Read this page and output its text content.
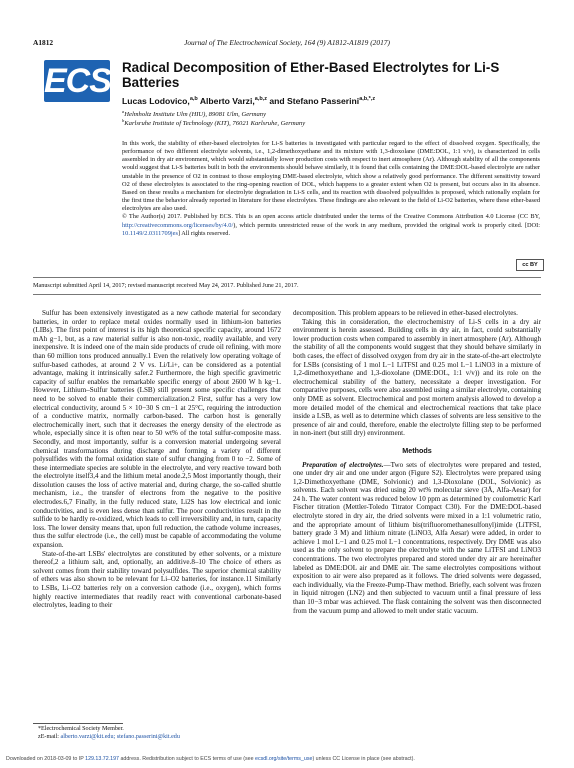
A1812	Journal of The Electrochemical Society, 164 (9) A1812-A1819 (2017)
ECS Radical Decomposition of Ether-Based Electrolytes for Li-S Batteries
Lucas Lodovico,$^{a,b}$ Alberto Varzi,$^{a,b,z}$ and Stefano Passerini$^{a,b,*,z}$
$^a$Helmholtz Institute Ulm (HIU), 89081 Ulm, Germany
$^b$Karlsruhe Institute of Technology (KIT), 76021 Karlsruhe, Germany
In this work, the stability of ether-based electrolytes for Li-S batteries is investigated with particular regard to the effect of dissolved oxygen. Specifically, the performance of two different electrolyte solvents, i.e., 1,2-dimethoxyethane and its mixture with 1,3-dioxolane (DME:DOL, 1:1 v/v), is characterized in cells assembled in dry air environment, which would substantially lower production costs with respect to inert atmosphere (Ar). Although stability of all the components would suggest that Li-S batteries built in both the environments should behave similarly, it is found that cells containing the DME:DOL-based electrolyte are rather unstable in the presence of O2 in contrast to those employing DME-based electrolyte, which show a relatively good performance. The different sensitivity toward O2 of these electrolytes is associated to the ring-opening reaction of DOL, which happens to a greater extent when O2 is present, but occurs also in its absence. Based on these results a mechanism for electrolyte degradation in Li-S cells, and its reaction with dissolved polysulfides is proposed, which rationally explain for the first time the behavior already reported in literature for these electrolytes. These findings are also relevant to the field of Li-O2 batteries, where these ether-based electrolytes are also used.
© The Author(s) 2017. Published by ECS. This is an open access article distributed under the terms of the Creative Commons Attribution 4.0 License (CC BY, http://creativecommons.org/licenses/by/4.0/), which permits unrestricted reuse of the work in any medium, provided the original work is properly cited. [DOI: 10.1149/2.0311709jes] All rights reserved.
cc BY
Manuscript submitted April 14, 2017; revised manuscript received May 24, 2017. Published June 21, 2017.

Sulfur has been extensively investigated as a new cathode material for secondary batteries, in order to replace metal oxides normally used in lithium-ion batteries (LIBs). The first point of interest is its high theoretical specific capacity, around 1672 mAh g−1, but, as a raw material sulfur is also non-toxic, readily available, and very inexpensive. It is indeed one of the main side products of crude oil refining, with more than 60 million tons produced annually.1 Even the relatively low operating voltage of sulfur-based cathodes, at around 2 V vs. Li/Li+, can be considered as a potential advantage, making it intrinsically safer.2 Furthermore, the high specific gravimetric capacity of sulfur enables the remarkable specific energy of about 2600 W h kg−1. However, Lithium–Sulfur batteries (LSB) still present some specific challenges that need to be solved to enable their commercialization.2 First, sulfur has a very low electrical conductivity, around 5 × 10−30 S cm−1 at 25°C, requiring the introduction of a conductive matrix, normally carbon-based. The carbon host is generally electrochemically inert, such that it decreases the energy density of the electrode as whole, especially since it is often near to 50 wt% of the total sulfur-composite mass. Secondly, and most importantly, sulfur is a conversion material undergoing several chemical transformations during discharge and forming a variety of different polysulfides with the formal oxidation state of sulfur changing from 0 to −2. Some of these intermediate species are soluble in the electrolyte, and very reactive toward both the electrolyte itself3,4 and the lithium metal anode.2,5 Most importantly though, their dissolution causes the loss of active material and, during charge, the so-called shuttle mechanism, i.e., the transfer of electrons from the negative to the positive electrodes.6,7 Finally, in the fully reduced state, Li2S has low electrical and ionic conductivities, and is even less dense than sulfur. The poor conductivities result in the sulfide to be hardly re-oxidized, which leads to cell irreversibility and, in turn, capacity loss. The lower density means that, upon full reduction, the cathode volume increases, thus the sulfur electrode (i.e., the cell) must be capable of accommodating the volume expansion.

State-of-the-art LSBs' electrolytes are constituted by ether solvents, or a mixture thereof,2 a lithium salt, and, optionally, an additive.8–10 The choice of ethers as solvent comes from their stability toward polysulfides. The superior chemical stability of ethers was also shown to be relevant for Li–O2 batteries, for instance.11 Similarly to LSBs, Li–O2 batteries rely on a conversion cathode (i.e., oxygen), which forms highly reactive intermediates that readily react with conventional carbonate-based electrolytes, leading to their

decomposition. This problem appears to be relieved in ether-based electrolytes.

Taking this in consideration, the electrochemistry of Li-S cells in a dry air environment is herein assessed. Building cells in dry air, in fact, could substantially lower production costs when compared to assembly in inert atmosphere (Ar). Although the stability of all the components would suggest that they should behave similarly in both cases, the effect of dissolved oxygen from dry air in the state-of-the-art electrolyte for LSBs (consisting of 1 mol L−1 LiTFSI and 0.25 mol L−1 LiNO3 in a mixture of 1,2-dimethoxyethane and 1,3-dioxolane (DME:DOL, 1:1 v/v)) and its role on the electrochemical stability of the battery, necessitate a deeper investigation. For comparative purposes, cells were also assembled using a similar electrolyte, containing only DME as solvent. Electrochemical and post mortem analysis allowed to develop a more detailed model of the chemical and electrochemical reactions that take place inside a LSB, as well as to determine which classes of solvents are less sensitive to the presence of air and could, therefore, enable the electrolyte filling step to be performed in non-inert (but still dry) environment.

Methods

Preparation of electrolytes.—Two sets of electrolytes were prepared and tested, one under dry air and one under argon (Figure S2). Electrolytes were prepared using 1,2-Dimethoxyethane (DME, Solvionic) and 1,3-Dioxolane (DOL, Solvionic) as solvents. Each solvent was dried using 20 wt% molecular sieve (3Å, Alfa-Aesar) for 24 h. The water content was reduced below 10 ppm as determined by coulometric Karl Fischer titration (Mettler-Toledo Titrator Compact C30). For the DME:DOL-based electrolyte stored in dry air, the dried solvents were mixed in a 1:1 volumetric ratio, and the appropriate amount of lithium bis(trifluoromethanesulfonyl)imide (LiTFSI, battery grade 3 M) and lithium nitrate (LiNO3, Alfa Aesar) were added, in order to achieve 1 mol L−1 and 0.25 mol L−1 concentrations, respectively. Dry DME was also used as the only solvent to prepare the electrolyte with the same LiTFSI and LiNO3 concentrations. The two electrolytes prepared and stored under dry air are hereinafter labeled as DME:DOL air and DME air. The same electrolytes compositions without exposition to air were also prepared as it follows. The dried solvents were degassed, each individually, via the Freeze-Pump-Thaw method. Briefly, each solvent was frozen in liquid nitrogen (LN2) and then subjected to vacuum until a final pressure of less than 10−3 mbar was achieved. The flask containing the solvent was then disconnected from the vacuum pump and allowed to melt under static vacuum.

*Electrochemical Society Member.
zE-mail: alberto.varzi@kit.edu; stefano.passerini@kit.edu
Downloaded on 2018-03-09 to IP 129.13.72.197 address. Redistribution subject to ECS terms of use (see ecsdl.org/site/terms_use) unless CC License in place (see abstract).
